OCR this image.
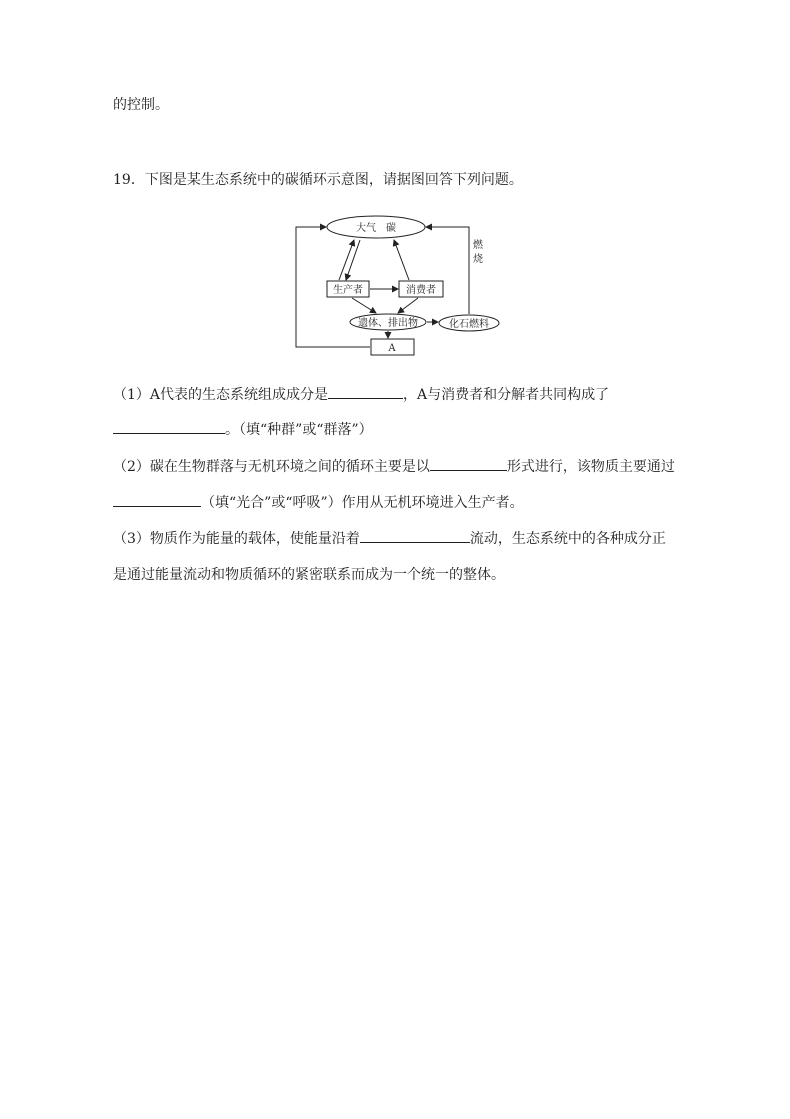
的控制。
19．下图是某生态系统中的碳循环示意图，请据图回答下列问题。
大气　碳
生产者	消费者
遗体、排出物	化石燃料
A
燃
烧
（1）A代表的生态系统组成成分是	，A与消费者和分解者共同构成了
。（填“种群”或“群落”）
（2）碳在生物群落与无机环境之间的循环主要是以	形式进行，该物质主要通过
（填“光合”或“呼吸”）作用从无机环境进入生产者。
（3）物质作为能量的载体，使能量沿着	流动，生态系统中的各种成分正
是通过能量流动和物质循环的紧密联系而成为一个统一的整体。
